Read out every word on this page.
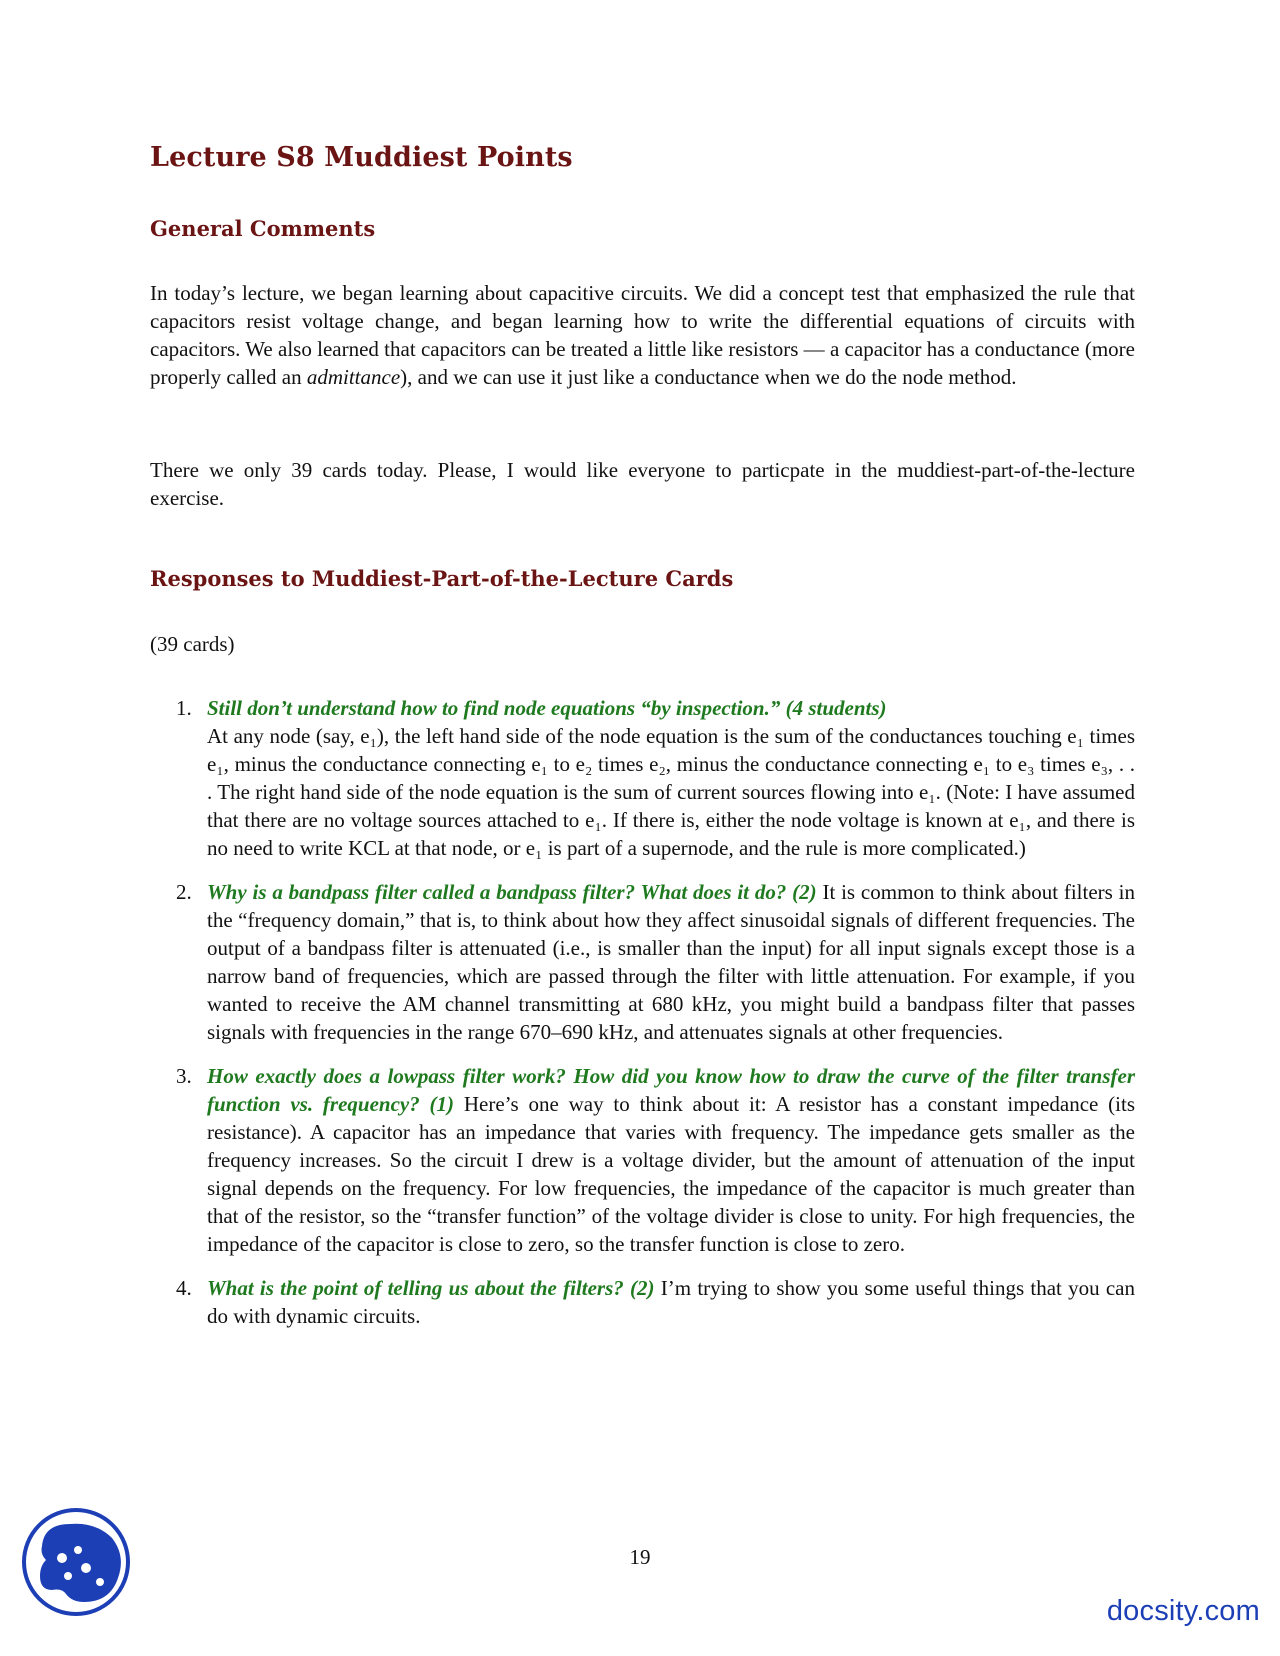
Lecture S8 Muddiest Points
General Comments

In today’s lecture, we began learning about capacitive circuits. We did a concept test that emphasized the rule that capacitors resist voltage change, and began learning how to write the differential equations of circuits with capacitors. We also learned that capacitors can be treated a little like resistors — a capacitor has a conductance (more properly called an admittance), and we can use it just like a conductance when we do the node method.

There we only 39 cards today. Please, I would like everyone to particpate in the muddiest-part-of-the-lecture exercise.

Responses to Muddiest-Part-of-the-Lecture Cards

(39 cards)

1. Still don’t understand how to find node equations “by inspection.” (4 students)
At any node (say, e₁), the left hand side of the node equation is the sum of the conductances touching e₁ times e₁, minus the conductance connecting e₁ to e₂ times e₂, minus the conductance connecting e₁ to e₃ times e₃, . . . The right hand side of the node equation is the sum of current sources flowing into e₁. (Note: I have assumed that there are no voltage sources attached to e₁. If there is, either the node voltage is known at e₁, and there is no need to write KCL at that node, or e₁ is part of a supernode, and the rule is more complicated.)
2. Why is a bandpass filter called a bandpass filter? What does it do? (2) It is common to think about filters in the “frequency domain,” that is, to think about how they affect sinusoidal signals of different frequencies. The output of a bandpass filter is attenuated (i.e., is smaller than the input) for all input signals except those is a narrow band of frequencies, which are passed through the filter with little attenuation. For example, if you wanted to receive the AM channel transmitting at 680 kHz, you might build a bandpass filter that passes signals with frequencies in the range 670–690 kHz, and attenuates signals at other frequencies.
3. How exactly does a lowpass filter work? How did you know how to draw the curve of the filter transfer function vs. frequency? (1) Here’s one way to think about it: A resistor has a constant impedance (its resistance). A capacitor has an impedance that varies with frequency. The impedance gets smaller as the frequency increases. So the circuit I drew is a voltage divider, but the amount of attenuation of the input signal depends on the frequency. For low frequencies, the impedance of the capacitor is much greater than that of the resistor, so the “transfer function” of the voltage divider is close to unity. For high frequencies, the impedance of the capacitor is close to zero, so the transfer function is close to zero.
4. What is the point of telling us about the filters? (2) I’m trying to show you some useful things that you can do with dynamic circuits.

19

docsity.com
